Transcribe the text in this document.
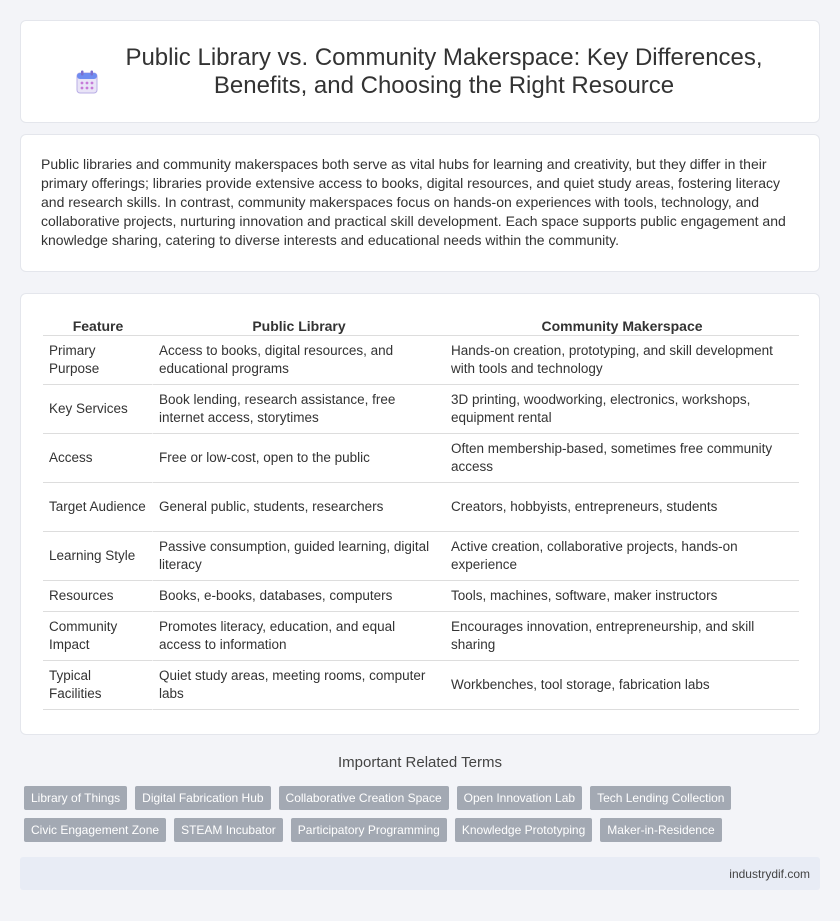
Public Library vs. Community Makerspace: Key Differences, Benefits, and Choosing the Right Resource

Public libraries and community makerspaces both serve as vital hubs for learning and creativity, but they differ in their primary offerings; libraries provide extensive access to books, digital resources, and quiet study areas, fostering literacy and research skills. In contrast, community makerspaces focus on hands-on experiences with tools, technology, and collaborative projects, nurturing innovation and practical skill development. Each space supports public engagement and knowledge sharing, catering to diverse interests and educational needs within the community.

Feature	Public Library	Community Makerspace
Primary Purpose	Access to books, digital resources, and educational programs	Hands-on creation, prototyping, and skill development with tools and technology
Key Services	Book lending, research assistance, free internet access, storytimes	3D printing, woodworking, electronics, workshops, equipment rental
Access	Free or low-cost, open to the public	Often membership-based, sometimes free community access
Target Audience	General public, students, researchers	Creators, hobbyists, entrepreneurs, students
Learning Style	Passive consumption, guided learning, digital literacy	Active creation, collaborative projects, hands-on experience
Resources	Books, e-books, databases, computers	Tools, machines, software, maker instructors
Community Impact	Promotes literacy, education, and equal access to information	Encourages innovation, entrepreneurship, and skill sharing
Typical Facilities	Quiet study areas, meeting rooms, computer labs	Workbenches, tool storage, fabrication labs
Important Related Terms
Library of Things	Digital Fabrication Hub	Collaborative Creation Space	Open Innovation Lab	Tech Lending Collection
Civic Engagement Zone	STEAM Incubator	Participatory Programming	Knowledge Prototyping	Maker-in-Residence
industrydif.com
